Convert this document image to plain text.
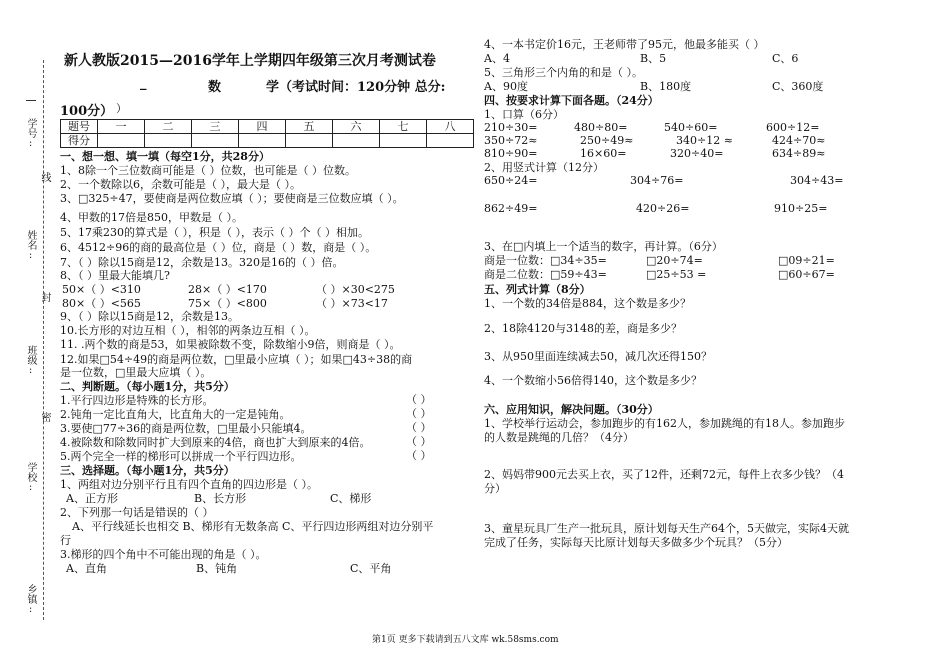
新人教版2015—2016学年上学期四年级第三次月考测试卷
_	数	学（考试时间：120分钟 总分:
100分） ）
学号:
线
姓名:
封
班级:
密
学校:
乡镇:
题号	一	二	三	四	五	六	七	八
得分								
一、想一想、填一填（每空1分，共28分）
1、8除一个三位数商可能是（ ）位数，也可能是（ ）位数。
2、一个数除以6，余数可能是（ ），最大是（ ）。
3、□325÷47，要使商是两位数应填（ ）；要使商是三位数应填（ ）。
4、甲数的17倍是850，甲数是（ ）。
5、17乘230的算式是（ ），积是（ ），表示（ ）个（ ）相加。
6、4512÷96的商的最高位是（ ）位，商是（ ）数，商是（ ）。
7、（ ）除以15商是12，余数是13。320是16的（ ）倍。
8、（ ）里最大能填几?
50×（ ）<310	28×（ ）<170	（ ）×30<275
80×（ ）<565	75×（ ）<800	（ ）×73<17
9、（ ）除以15商是12，余数是13。
10.长方形的对边互相（ ），相邻的两条边互相（ ）。
11. .两个数的商是53，如果被除数不变，除数缩小9倍，则商是（ ）。
12.如果□54÷49的商是两位数，□里最小应填（ ）；如果□43÷38的商
是一位数，□里最大应填（ ）。
二、判断题。（每小题1分，共5分）
1.平行四边形是特殊的长方形。
2.钝角一定比直角大，比直角大的一定是钝角。
3.要使□77÷36的商是两位数，□里最小只能填4。
4.被除数和除数同时扩大到原来的4倍，商也扩大到原来的4倍。
5.两个完全一样的梯形可以拼成一个平行四边形。
（ ）
（ ）
（ ）
（ ）
（ ）
三、选择题。（每小题1分，共5分）
1、两组对边分别平行且有四个直角的四边形是（ ）。
A、正方形	B、长方形	C、梯形
2、下列那一句话是错误的（ ）
A、平行线延长也相交 B、梯形有无数条高 C、平行四边形两组对边分别平
行
3.梯形的四个角中不可能出现的角是（ ）。
A、直角	B、钝角	C、平角
4、一本书定价16元，王老师带了95元，他最多能买（ ）
A、4	B、5	C、6
5、三角形三个内角的和是（ ）。
A、90度	B、180度	C、360度
四、按要求计算下面各题。（24分）
1、口算（6分）
210÷30=	480÷80=	540÷60=	600÷12=
350÷72≈	250÷49≈	340÷12 ≈	424÷70≈
810÷90=	16×60=	320÷40=	634÷89≈
2、用竖式计算（12分）
650÷24=	304÷76=	304÷43=
862÷49=	420÷26=	910÷25=
3、在□内填上一个适当的数字，再计算。（6分）
商是一位数：□34÷35=	□20÷74=	□09÷21=
商是二位数：□59÷43=	□25÷53 =	□60÷67=
五、列式计算（8分）
1、一个数的34倍是884，这个数是多少？
2、18除4120与3148的差，商是多少？
3、从950里面连续减去50，减几次还得150？
4、一个数缩小56倍得140，这个数是多少？
六、应用知识，解决问题。（30分）
1、学校举行运动会，参加跑步的有162人，参加跳绳的有18人。参加跑步
的人数是跳绳的几倍？（4分）
2、妈妈带900元去买上衣，买了12件，还剩72元，每件上衣多少钱？（4
分）
3、童星玩具厂生产一批玩具，原计划每天生产64个，5天做完，实际4天就
完成了任务，实际每天比原计划每天多做多少个玩具？（5分）
第1页 更多下载请到五八文库 wk.58sms.com
